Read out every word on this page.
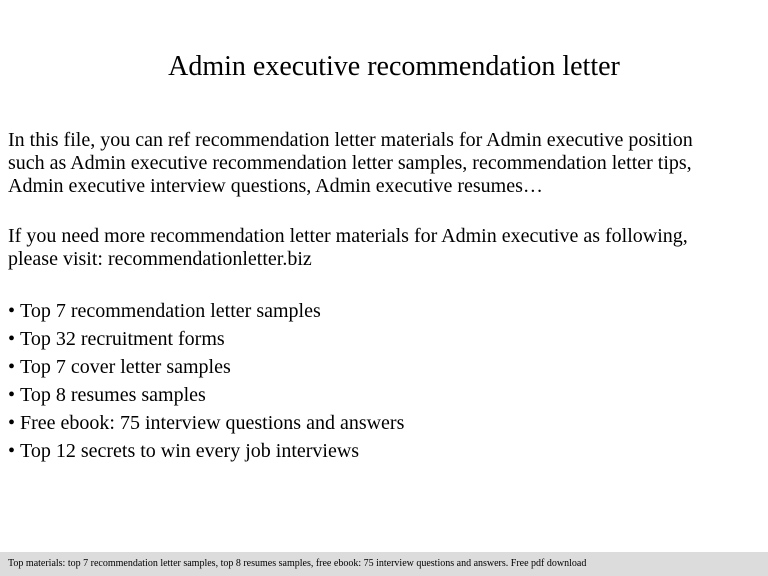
Admin executive recommendation letter

In this file, you can ref recommendation letter materials for Admin executive position
such as Admin executive recommendation letter samples, recommendation letter tips,
Admin executive interview questions, Admin executive resumes…

If you need more recommendation letter materials for Admin executive as following,
please visit: recommendationletter.biz

• Top 7 recommendation letter samples
• Top 32 recruitment forms
• Top 7 cover letter samples
• Top 8 resumes samples
• Free ebook: 75 interview questions and answers
• Top 12 secrets to win every job interviews
Top materials: top 7 recommendation letter samples, top 8 resumes samples, free ebook: 75 interview questions and answers. Free pdf download
